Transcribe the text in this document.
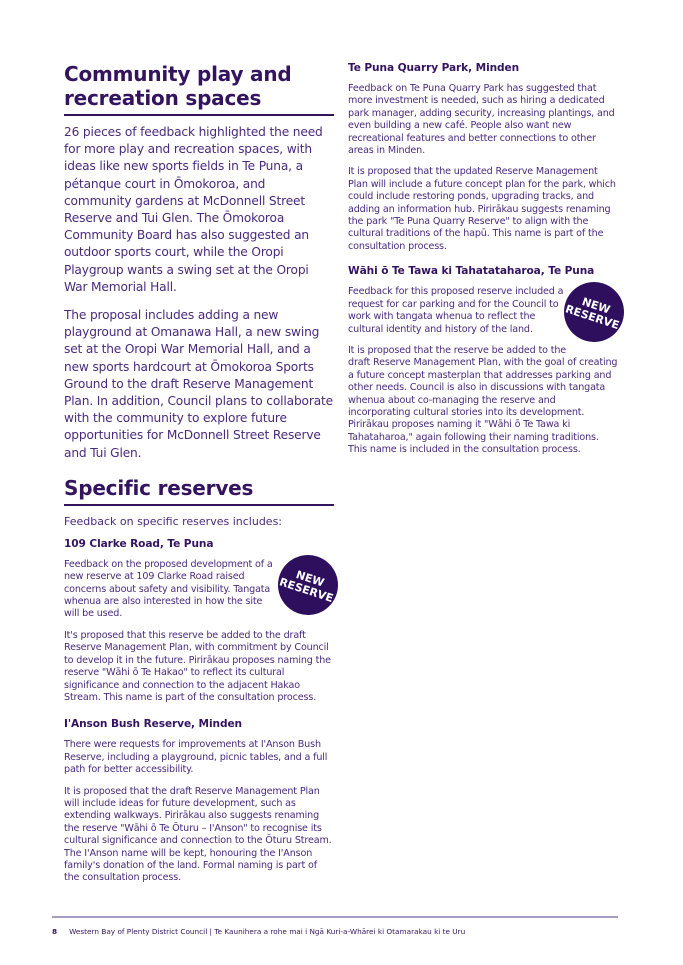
Community play and recreation spaces

26 pieces of feedback highlighted the need for more play and recreation spaces, with ideas like new sports fields in Te Puna, a pétanque court in Ōmokoroa, and community gardens at McDonnell Street Reserve and Tui Glen. The Ōmokoroa Community Board has also suggested an outdoor sports court, while the Oropi Playgroup wants a swing set at the Oropi War Memorial Hall.

The proposal includes adding a new playground at Omanawa Hall, a new swing set at the Oropi War Memorial Hall, and a new sports hardcourt at Ōmokoroa Sports Ground to the draft Reserve Management Plan. In addition, Council plans to collaborate with the community to explore future opportunities for McDonnell Street Reserve and Tui Glen.

Specific reserves

Feedback on specific reserves includes:

109 Clarke Road, Te Puna
NEW RESERVE

Feedback on the proposed development of a new reserve at 109 Clarke Road raised concerns about safety and visibility. Tangata whenua are also interested in how the site will be used.

It's proposed that this reserve be added to the draft Reserve Management Plan, with commitment by Council to develop it in the future. Pirirākau proposes naming the reserve "Wāhi ō Te Hakao" to reflect its cultural significance and connection to the adjacent Hakao Stream. This name is part of the consultation process.

I'Anson Bush Reserve, Minden

There were requests for improvements at I'Anson Bush Reserve, including a playground, picnic tables, and a full path for better accessibility.

It is proposed that the draft Reserve Management Plan will include ideas for future development, such as extending walkways. Pirirākau also suggests renaming the reserve "Wāhi ō Te Ōturu – I'Anson" to recognise its cultural significance and connection to the Ōturu Stream. The I'Anson name will be kept, honouring the I'Anson family's donation of the land. Formal naming is part of the consultation process.

Te Puna Quarry Park, Minden

Feedback on Te Puna Quarry Park has suggested that more investment is needed, such as hiring a dedicated park manager, adding security, increasing plantings, and even building a new café. People also want new recreational features and better connections to other areas in Minden.

It is proposed that the updated Reserve Management Plan will include a future concept plan for the park, which could include restoring ponds, upgrading tracks, and adding an information hub. Pirirākau suggests renaming the park "Te Puna Quarry Reserve" to align with the cultural traditions of the hapū. This name is part of the consultation process.

Wāhi ō Te Tawa ki Tahatataharoa, Te Puna
NEW RESERVE

Feedback for this proposed reserve included a request for car parking and for the Council to work with tangata whenua to reflect the cultural identity and history of the land.

It is proposed that the reserve be added to the draft Reserve Management Plan, with the goal of creating a future concept masterplan that addresses parking and other needs. Council is also in discussions with tangata whenua about co-managing the reserve and incorporating cultural stories into its development. Pirirākau proposes naming it "Wāhi ō Te Tawa ki Tahataharoa," again following their naming traditions. This name is included in the consultation process.

8 Western Bay of Plenty District Council | Te Kaunihera a rohe mai i Ngā Kuri-a-Whārei ki Otamarakau ki te Uru
